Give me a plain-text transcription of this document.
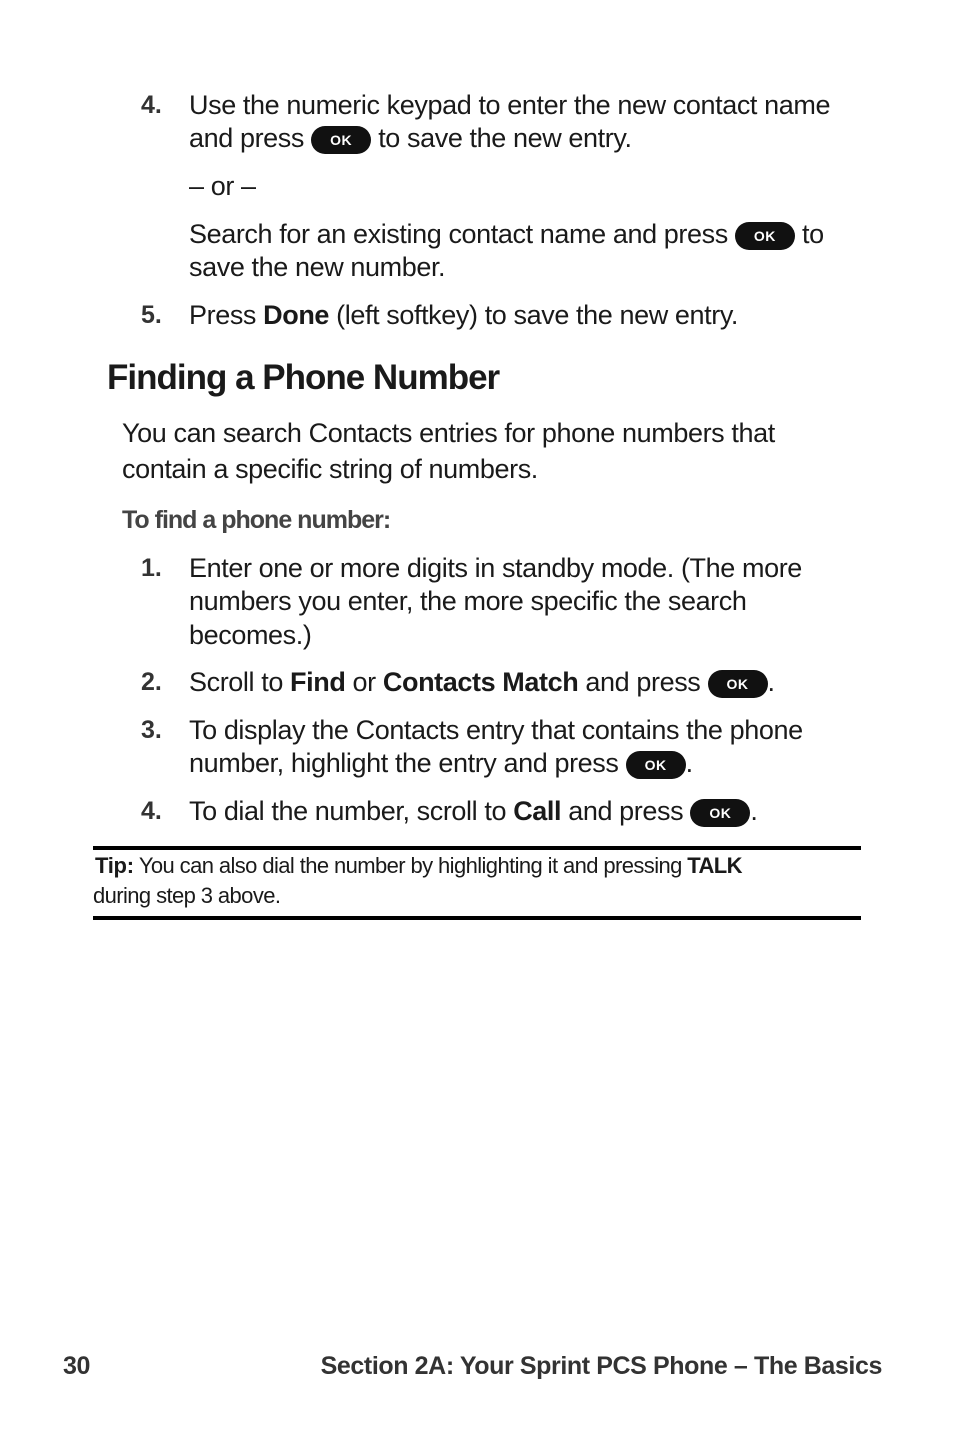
4. Use the numeric keypad to enter the new contact name
and press OK to save the new entry.
– or –
Search for an existing contact name and press OK to
save the new number.
5. Press Done (left softkey) to save the new entry.
Finding a Phone Number
You can search Contacts entries for phone numbers that
contain a specific string of numbers.
To find a phone number:
1. Enter one or more digits in standby mode. (The more
numbers you enter, the more specific the search
becomes.)
2. Scroll to Find or Contacts Match and press OK .
3. To display the Contacts entry that contains the phone
number, highlight the entry and press OK .
4. To dial the number, scroll to Call and press OK .
Tip: You can also dial the number by highlighting it and pressing TALK
during step 3 above.
30	Section 2A: Your Sprint PCS Phone – The Basics
